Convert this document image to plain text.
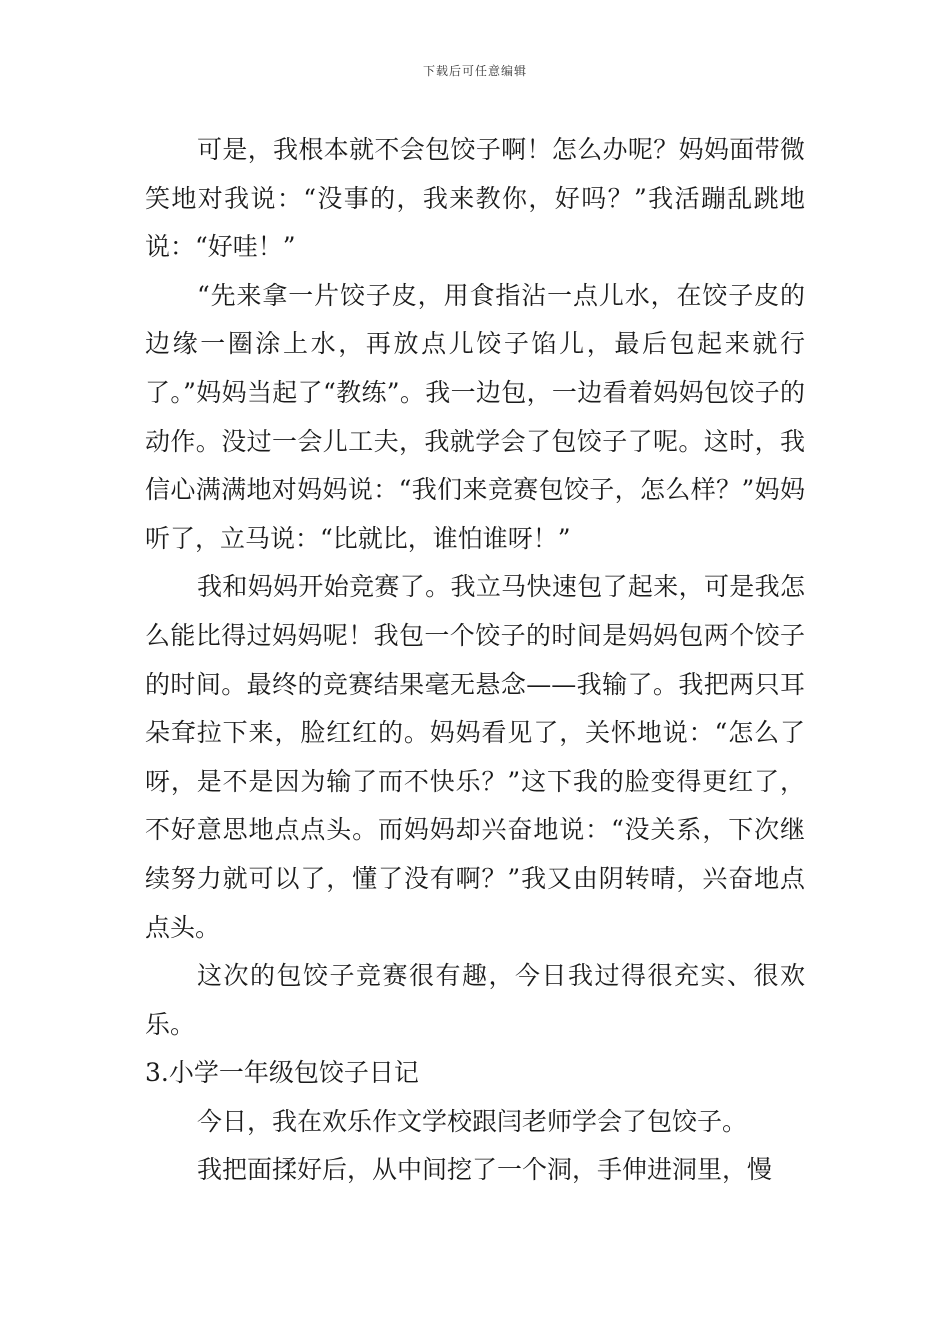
下载后可任意编辑

可是，我根本就不会包饺子啊！怎么办呢？妈妈面带微笑地对我说：“没事的，我来教你，好吗？”我活蹦乱跳地说：“好哇！”

“先来拿一片饺子皮，用食指沾一点儿水，在饺子皮的边缘一圈涂上水，再放点儿饺子馅儿，最后包起来就行了。”妈妈当起了“教练”。我一边包，一边看着妈妈包饺子的动作。没过一会儿工夫，我就学会了包饺子了呢。这时，我信心满满地对妈妈说：“我们来竞赛包饺子，怎么样？”妈妈听了，立马说：“比就比，谁怕谁呀！”

我和妈妈开始竞赛了。我立马快速包了起来，可是我怎么能比得过妈妈呢！我包一个饺子的时间是妈妈包两个饺子的时间。最终的竞赛结果毫无悬念——我输了。我把两只耳朵耷拉下来，脸红红的。妈妈看见了，关怀地说：“怎么了呀，是不是因为输了而不快乐？”这下我的脸变得更红了，不好意思地点点头。而妈妈却兴奋地说：“没关系，下次继续努力就可以了，懂了没有啊？”我又由阴转晴，兴奋地点点头。

这次的包饺子竞赛很有趣，今日我过得很充实、很欢乐。

3.小学一年级包饺子日记

今日，我在欢乐作文学校跟闫老师学会了包饺子。

我把面揉好后，从中间挖了一个洞，手伸进洞里，慢
